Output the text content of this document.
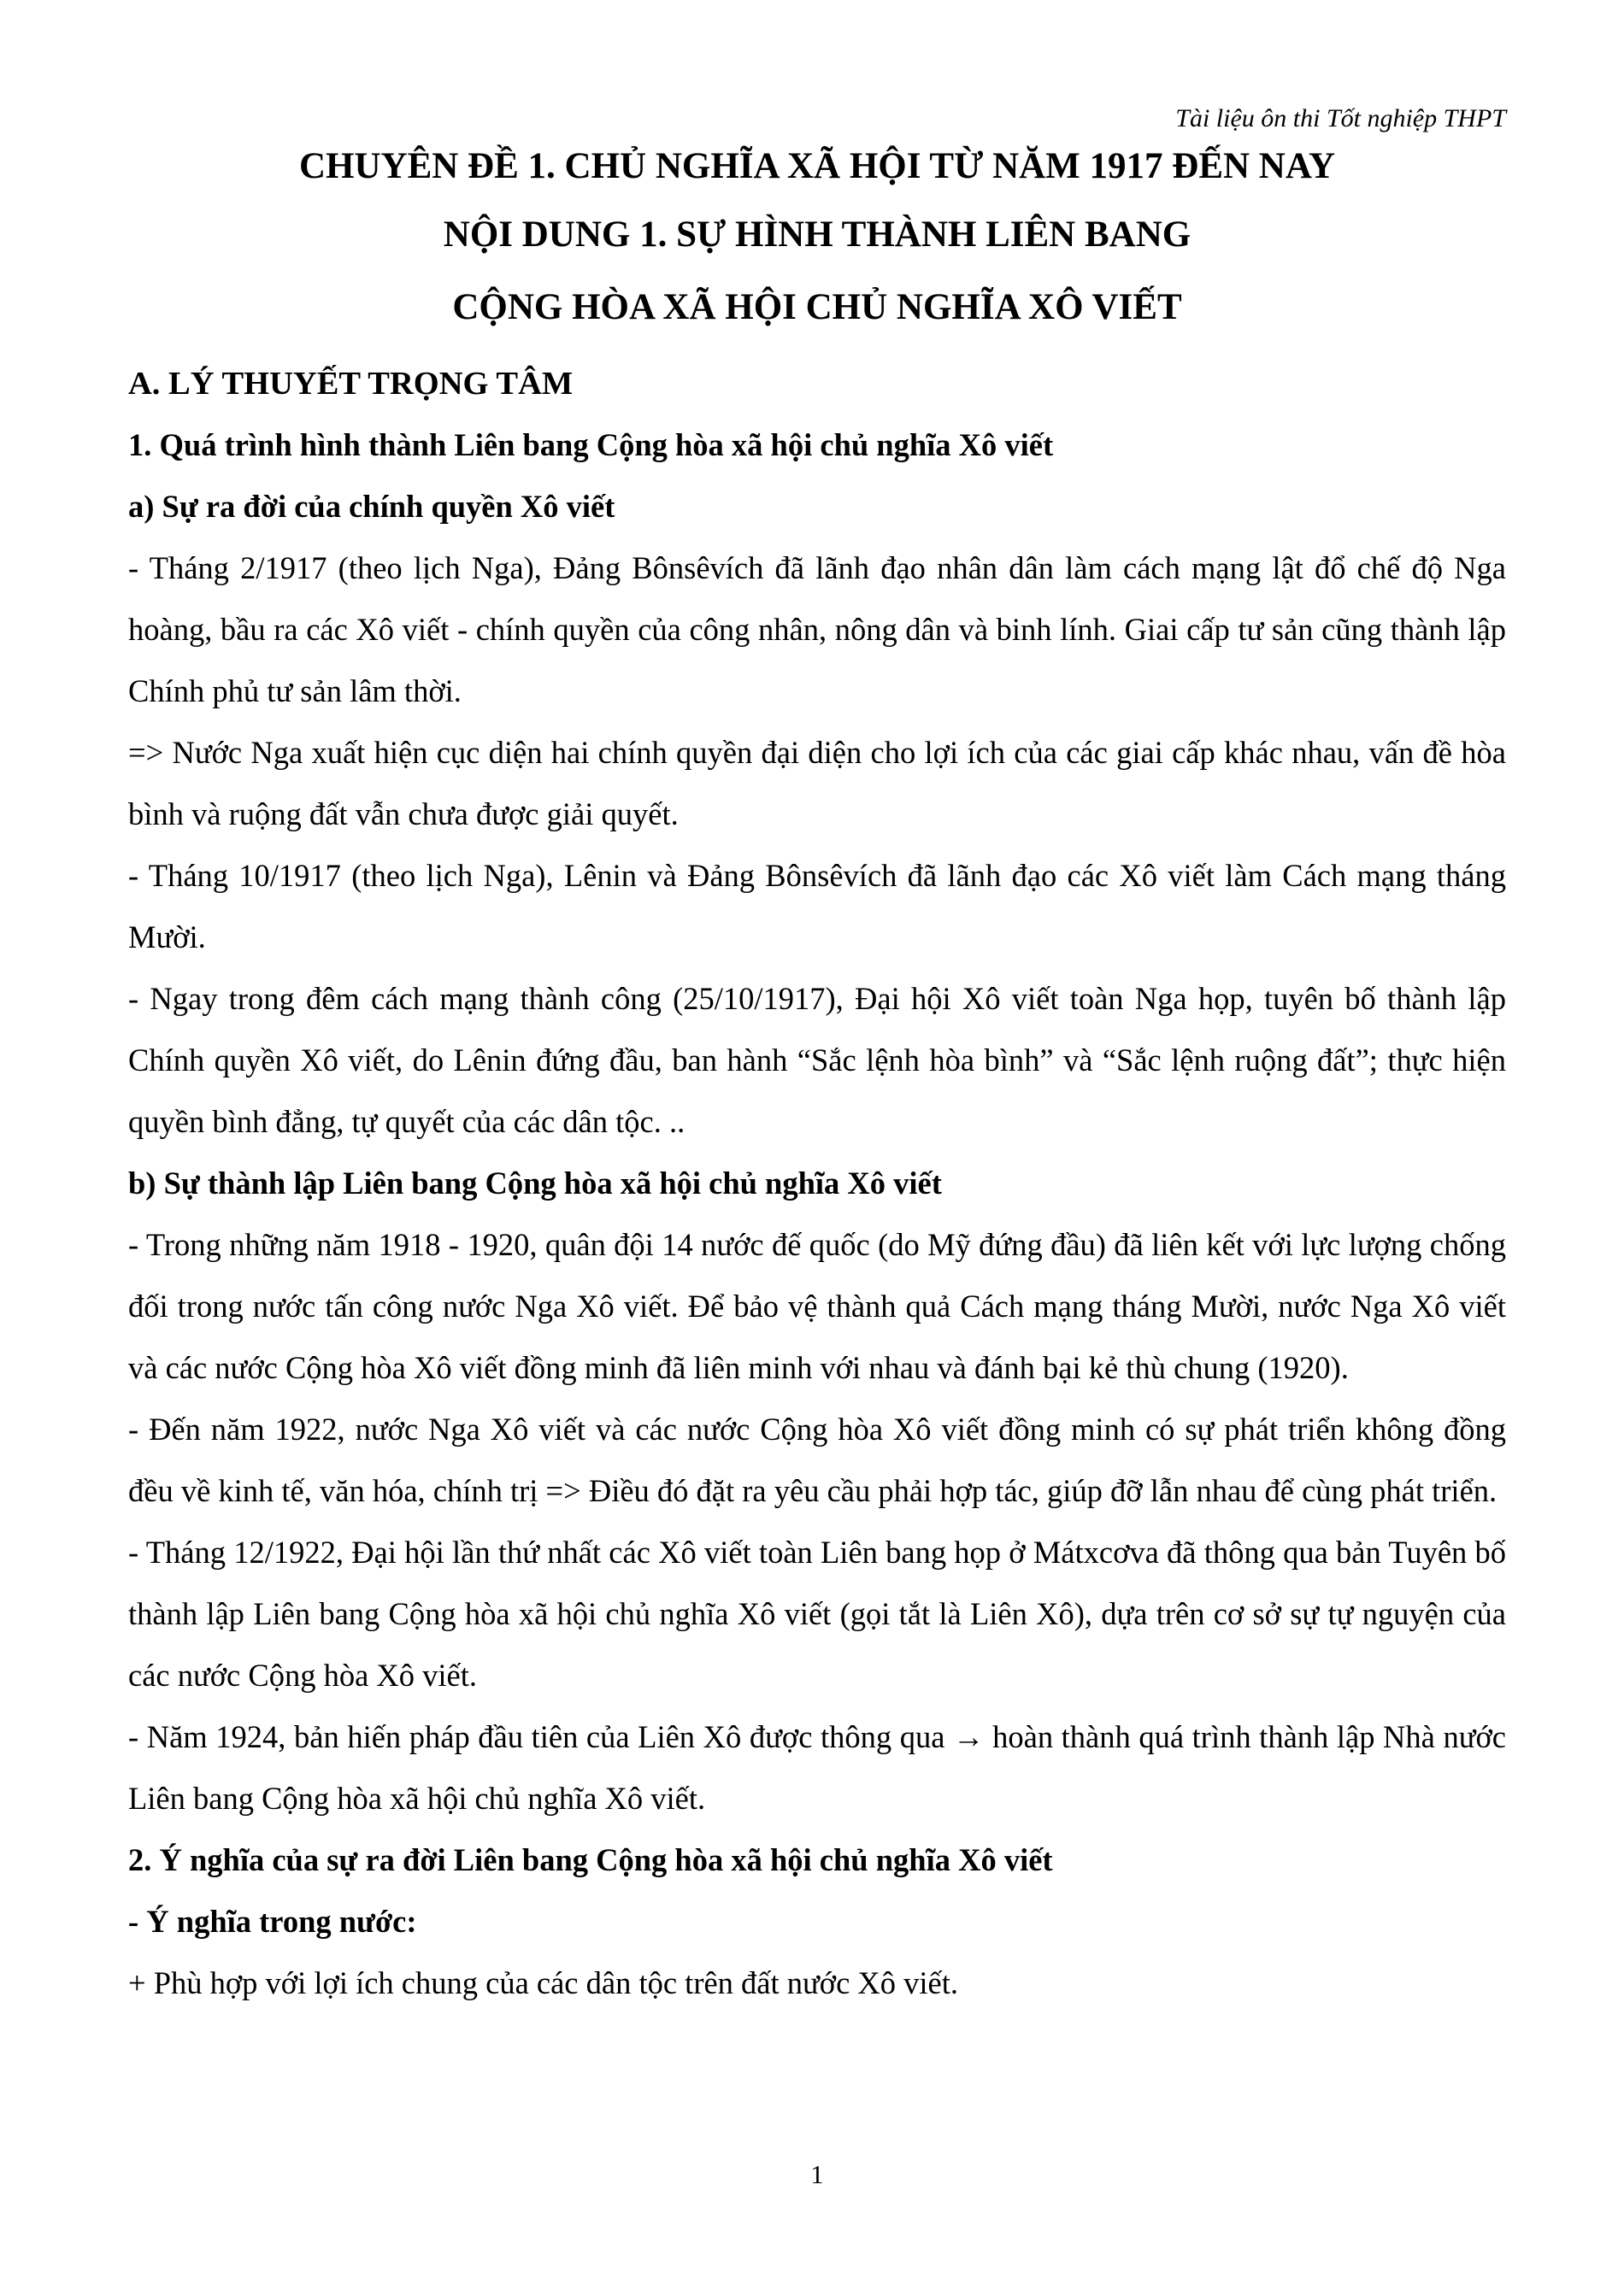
Tài liệu ôn thi Tốt nghiệp THPT
CHUYÊN ĐỀ 1. CHỦ NGHĨA XÃ HỘI TỪ NĂM 1917 ĐẾN NAY
NỘI DUNG 1. SỰ HÌNH THÀNH LIÊN BANG
CỘNG HÒA XÃ HỘI CHỦ NGHĨA XÔ VIẾT

A. LÝ THUYẾT TRỌNG TÂM

1. Quá trình hình thành Liên bang Cộng hòa xã hội chủ nghĩa Xô viết

a) Sự ra đời của chính quyền Xô viết

- Tháng 2/1917 (theo lịch Nga), Đảng Bônsêvích đã lãnh đạo nhân dân làm cách mạng lật đổ chế độ Nga hoàng, bầu ra các Xô viết - chính quyền của công nhân, nông dân và binh lính. Giai cấp tư sản cũng thành lập Chính phủ tư sản lâm thời.

=> Nước Nga xuất hiện cục diện hai chính quyền đại diện cho lợi ích của các giai cấp khác nhau, vấn đề hòa bình và ruộng đất vẫn chưa được giải quyết.

- Tháng 10/1917 (theo lịch Nga), Lênin và Đảng Bônsêvích đã lãnh đạo các Xô viết làm Cách mạng tháng Mười.

- Ngay trong đêm cách mạng thành công (25/10/1917), Đại hội Xô viết toàn Nga họp, tuyên bố thành lập Chính quyền Xô viết, do Lênin đứng đầu, ban hành “Sắc lệnh hòa bình” và “Sắc lệnh ruộng đất”; thực hiện quyền bình đẳng, tự quyết của các dân tộc. ..

b) Sự thành lập Liên bang Cộng hòa xã hội chủ nghĩa Xô viết

- Trong những năm 1918 - 1920, quân đội 14 nước đế quốc (do Mỹ đứng đầu) đã liên kết với lực lượng chống đối trong nước tấn công nước Nga Xô viết. Để bảo vệ thành quả Cách mạng tháng Mười, nước Nga Xô viết và các nước Cộng hòa Xô viết đồng minh đã liên minh với nhau và đánh bại kẻ thù chung (1920).

- Đến năm 1922, nước Nga Xô viết và các nước Cộng hòa Xô viết đồng minh có sự phát triển không đồng đều về kinh tế, văn hóa, chính trị => Điều đó đặt ra yêu cầu phải hợp tác, giúp đỡ lẫn nhau để cùng phát triển.

- Tháng 12/1922, Đại hội lần thứ nhất các Xô viết toàn Liên bang họp ở Mátxcơva đã thông qua bản Tuyên bố thành lập Liên bang Cộng hòa xã hội chủ nghĩa Xô viết (gọi tắt là Liên Xô), dựa trên cơ sở sự tự nguyện của các nước Cộng hòa Xô viết.

- Năm 1924, bản hiến pháp đầu tiên của Liên Xô được thông qua → hoàn thành quá trình thành lập Nhà nước Liên bang Cộng hòa xã hội chủ nghĩa Xô viết.

2. Ý nghĩa của sự ra đời Liên bang Cộng hòa xã hội chủ nghĩa Xô viết

- Ý nghĩa trong nước:

+ Phù hợp với lợi ích chung của các dân tộc trên đất nước Xô viết.

1
